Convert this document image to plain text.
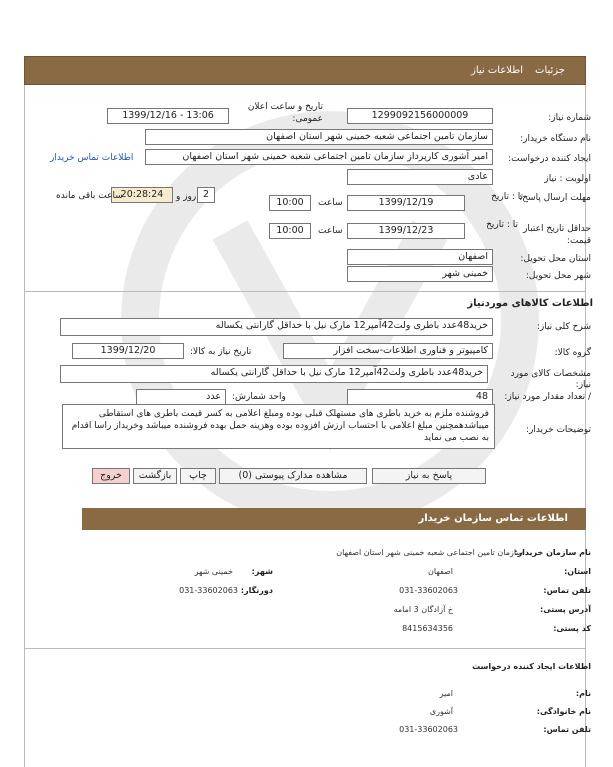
جزئیات
اطلاعات نیاز
شماره نیاز:
1299092156000009
تاریخ و ساعت اعلان عمومی:
1399/12/16 - 13:06
نام دستگاه خریدار:
سازمان تامین اجتماعی شعبه خمینی شهر استان اصفهان
ایجاد کننده درخواست:
امیر آشوری کارپرداز سازمان تامین اجتماعی شعبه خمینی شهر استان اصفهان
اطلاعات تماس خریدار
اولویت : نیاز
عادی
مهلت ارسال پاسخ:
تا : تاریخ
1399/12/19
ساعت
10:00
2
روز و
20:28:24
ساعت باقی مانده
حداقل تاریخ اعتبار قیمت:
تا : تاریخ
1399/12/23
ساعت
10:00
استان محل تحویل:
اصفهان
شهر محل تحویل:
خمینی شهر
اطلاعات کالاهای موردنیاز
شرح کلی نیاز:
خرید48عدد باطری ولت42آمپر12 مارک نیل با حداقل گارانتی یکساله
گروه کالا:
کامپیوتر و فناوری اطلاعات-سخت افزار
تاریخ نیاز به کالا:
1399/12/20
مشخصات کالای مورد نیاز:
خرید48عدد باطری ولت42آمپر12 مارک نیل با حداقل گارانتی یکساله
/ تعداد مقدار مورد نیاز:
48
واحد شمارش:
عدد
توضیحات خریدار:
فروشنده ملزم به خرید باطری های مستهلک قبلی بوده ومبلغ اعلامی به کسر قیمت باطری های استقاطی میباشدهمچنین مبلغ اعلامی با احتساب ارزش افزوده بوده وهزینه حمل بهده فروشنده میباشد وخریداز راسا اقدام به نصب می نماید
پاسخ به نیاز
مشاهده مدارک پیوستی (0)
چاپ
بازگشت
خروج
اطلاعات تماس سازمان خریدار
نام سازمان خریدار:
سازمان تامین اجتماعی شعبه خمینی شهر استان اصفهان
استان:
اصفهان
شهر:
خمینی شهر
تلفن تماس:
031-33602063
دورنگار:
031-33602063
آدرس پستی:
خ آزادگان 3 امامه
کد پستی:
8415634356
اطلاعات ایجاد کننده درخواست
نام:
امیر
نام خانوادگی:
آشوری
تلفن تماس:
031-33602063
